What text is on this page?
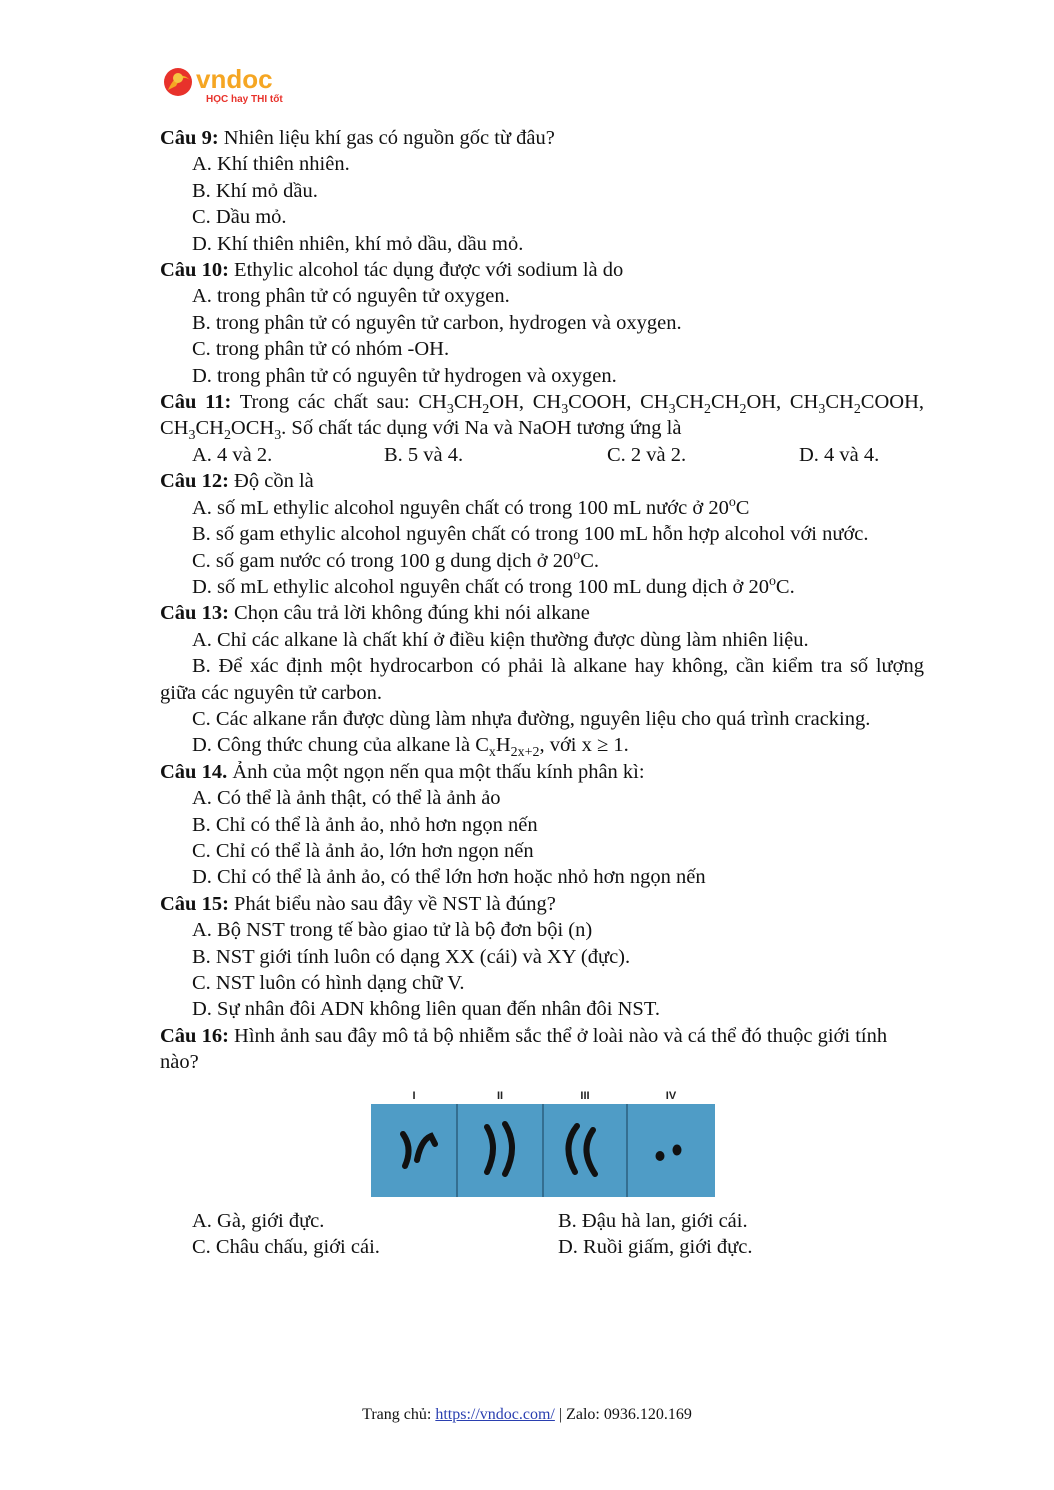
vndoc
HỌC hay THI tốt

Câu 9: Nhiên liệu khí gas có nguồn gốc từ đâu?

A. Khí thiên nhiên.

B. Khí mỏ dầu.

C. Dầu mỏ.

D. Khí thiên nhiên, khí mỏ dầu, dầu mỏ.

Câu 10: Ethylic alcohol tác dụng được với sodium là do

A. trong phân tử có nguyên tử oxygen.

B. trong phân tử có nguyên tử carbon, hydrogen và oxygen.

C. trong phân tử có nhóm -OH.

D. trong phân tử có nguyên tử hydrogen và oxygen.

Câu 11: Trong các chất sau: $CH_3CH_2OH$, $CH_3COOH$, $CH_3CH_2CH_2OH$, $CH_3CH_2COOH$, $CH_3CH_2OCH_3$. Số chất tác dụng với Na và NaOH tương ứng là

A. 4 và 2.	B. 5 và 4.	C. 2 và 2.	D. 4 và 4.

Câu 12: Độ cồn là

A. số mL ethylic alcohol nguyên chất có trong 100 mL nước ở 20$^o$C

B. số gam ethylic alcohol nguyên chất có trong 100 mL hỗn hợp alcohol với nước.

C. số gam nước có trong 100 g dung dịch ở 20$^o$C.

D. số mL ethylic alcohol nguyên chất có trong 100 mL dung dịch ở 20$^o$C.

Câu 13: Chọn câu trả lời không đúng khi nói alkane

A. Chỉ các alkane là chất khí ở điều kiện thường được dùng làm nhiên liệu.

B. Để xác định một hydrocarbon có phải là alkane hay không, cần kiểm tra số lượng giữa các nguyên tử carbon.

C. Các alkane rắn được dùng làm nhựa đường, nguyên liệu cho quá trình cracking.

D. Công thức chung của alkane là $C_xH_{2x+2}$, với x ≥ 1.

Câu 14. Ảnh của một ngọn nến qua một thấu kính phân kì:

A. Có thể là ảnh thật, có thể là ảnh ảo

B. Chỉ có thể là ảnh ảo, nhỏ hơn ngọn nến

C. Chỉ có thể là ảnh ảo, lớn hơn ngọn nến

D. Chỉ có thể là ảnh ảo, có thể lớn hơn hoặc nhỏ hơn ngọn nến

Câu 15: Phát biểu nào sau đây về NST là đúng?

A. Bộ NST trong tế bào giao tử là bộ đơn bội (n)

B. NST giới tính luôn có dạng XX (cái) và XY (đực).

C. NST luôn có hình dạng chữ V.

D. Sự nhân đôi ADN không liên quan đến nhân đôi NST.

Câu 16: Hình ảnh sau đây mô tả bộ nhiễm sắc thể ở loài nào và cá thể đó thuộc giới tính nào?

I	II	III	IV
A. Gà, giới đực.	B. Đậu hà lan, giới cái.
C. Châu chấu, giới cái.	D. Ruồi giấm, giới đực.
Trang chủ: https://vndoc.com/ | Zalo: 0936.120.169
